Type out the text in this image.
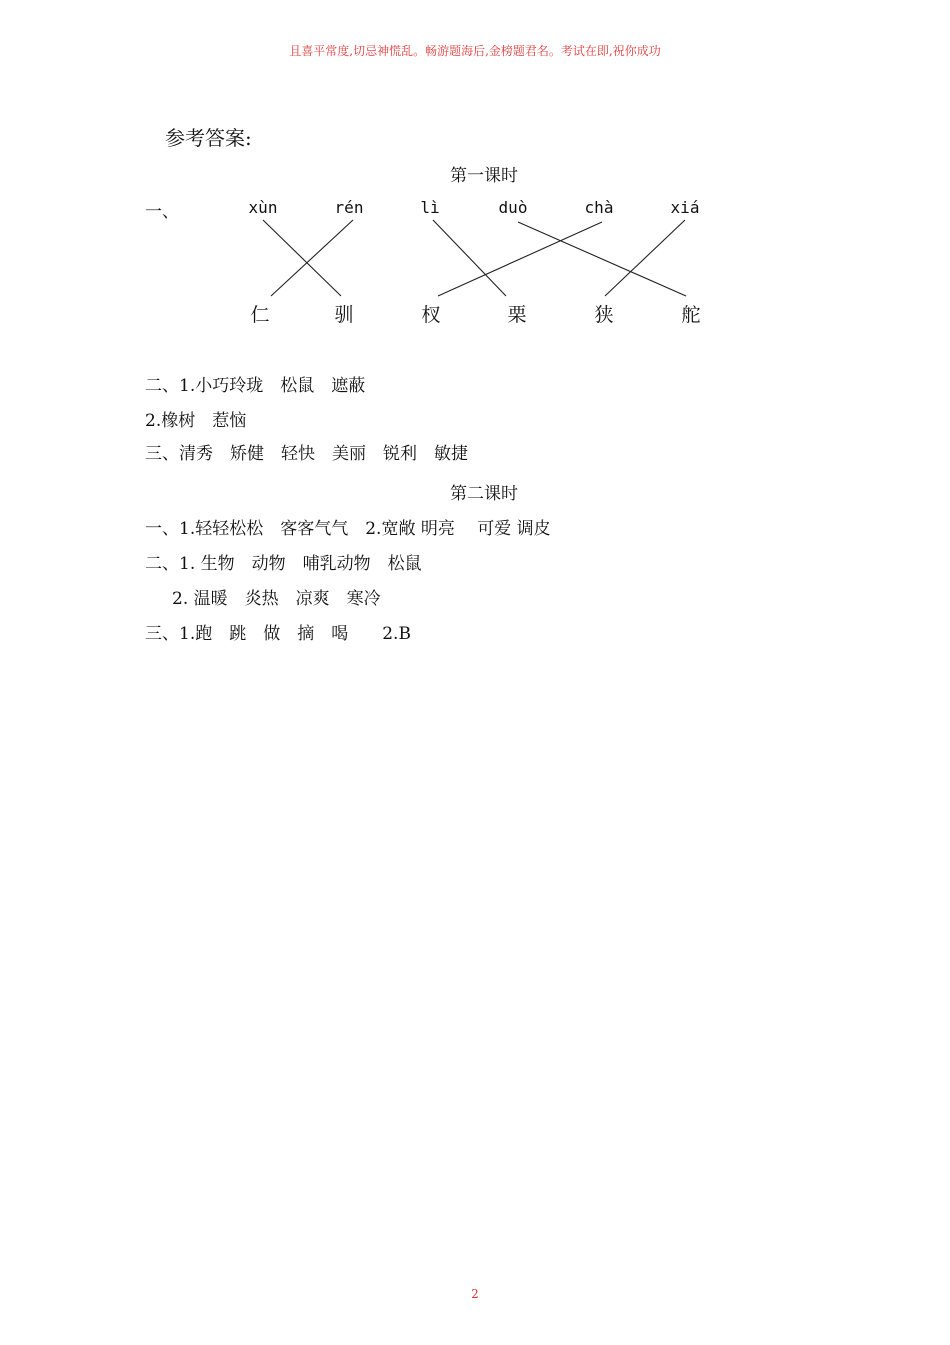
且喜平常度,切忌神慌乱。畅游题海后,金榜题君名。考试在即,祝你成功
参考答案:
第一课时
一、	xùn	rén	lì	duò	chà	xiá
仁	驯	杈	栗	狭	舵
二、1.小巧玲珑　松鼠　遮蔽
2.橡树　惹恼
三、清秀　矫健　轻快　美丽　锐利　敏捷
第二课时
一、1.轻轻松松　客客气气　2.宽敞 明亮　 可爱 调皮
二、1. 生物　动物　哺乳动物　松鼠
2. 温暖　炎热　凉爽　寒冷
三、1.跑　跳　做　摘　喝　　2.B
2
